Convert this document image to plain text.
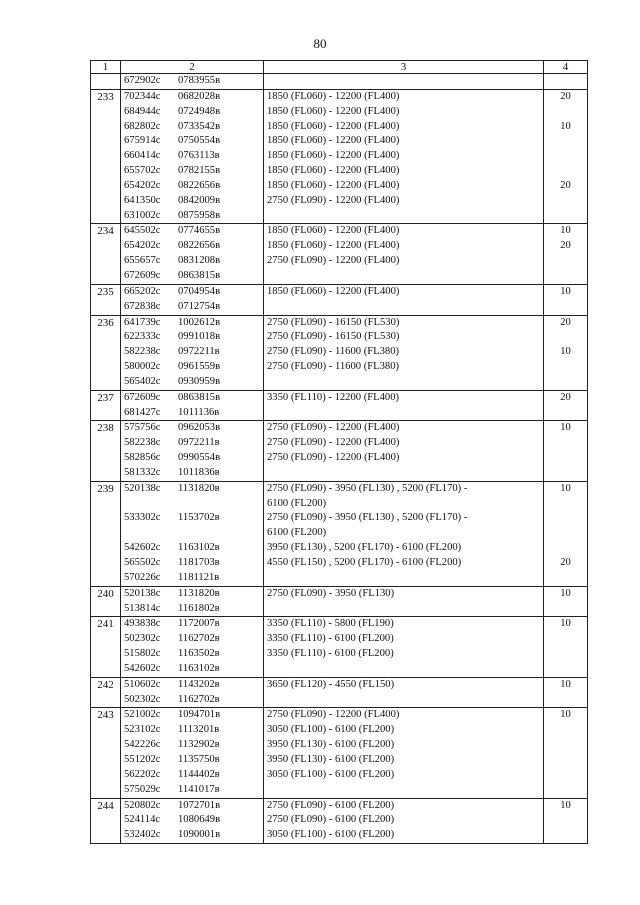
80
1	2	3	4
	672902c 0783955в		
233	702344c 0682028в	1850 (FL060) - 12200 (FL400)	20
	684944c 0724948в	1850 (FL060) - 12200 (FL400)	
	682802c 0733542в	1850 (FL060) - 12200 (FL400)	10
	675914c 0750554в	1850 (FL060) - 12200 (FL400)	
	660414c 0763113в	1850 (FL060) - 12200 (FL400)	
	655702c 0782155в	1850 (FL060) - 12200 (FL400)	
	654202c 0822656в	1850 (FL060) - 12200 (FL400)	20
	641350c 0842009в	2750 (FL090) - 12200 (FL400)	
	631002c 0875958в		
234	645502c 0774655в	1850 (FL060) - 12200 (FL400)	10
	654202c 0822656в	1850 (FL060) - 12200 (FL400)	20
	655657c 0831208в	2750 (FL090) - 12200 (FL400)	
	672609c 0863815в		
235	665202c 0704954в	1850 (FL060) - 12200 (FL400)	10
	672838c 0712754в		
236	641739c 1002612в	2750 (FL090) - 16150 (FL530)	20
	622333c 0991018в	2750 (FL090) - 16150 (FL530)	
	582238c 0972211в	2750 (FL090) - 11600 (FL380)	10
	580002c 0961559в	2750 (FL090) - 11600 (FL380)	
	565402c 0930959в		
237	672609c 0863815в	3350 (FL110) - 12200 (FL400)	20
	681427c 1011136в		
238	575756c 0962053в	2750 (FL090) - 12200 (FL400)	10
	582238c 0972211в	2750 (FL090) - 12200 (FL400)	
	582856c 0990554в	2750 (FL090) - 12200 (FL400)	
	581332c 1011836в		
239	520138c 1131820в	2750 (FL090) - 3950 (FL130) , 5200 (FL170) -	10
		6100 (FL200)	
	533302c 1153702в	2750 (FL090) - 3950 (FL130) , 5200 (FL170) -	
		6100 (FL200)	
	542602c 1163102в	3950 (FL130) , 5200 (FL170) - 6100 (FL200)	
	565502c 1181703в	4550 (FL150) , 5200 (FL170) - 6100 (FL200)	20
	570226c 1181121в		
240	520138c 1131820в	2750 (FL090) - 3950 (FL130)	10
	513814c 1161802в		
241	493838c 1172007в	3350 (FL110) - 5800 (FL190)	10
	502302c 1162702в	3350 (FL110) - 6100 (FL200)	
	515802c 1163502в	3350 (FL110) - 6100 (FL200)	
	542602c 1163102в		
242	510602c 1143202в	3650 (FL120) - 4550 (FL150)	10
	502302c 1162702в		
243	521002c 1094701в	2750 (FL090) - 12200 (FL400)	10
	523102c 1113201в	3050 (FL100) - 6100 (FL200)	
	542226c 1132902в	3950 (FL130) - 6100 (FL200)	
	551202c 1135750в	3950 (FL130) - 6100 (FL200)	
	562202c 1144402в	3050 (FL100) - 6100 (FL200)	
	575029c 1141017в		
244	520802c 1072701в	2750 (FL090) - 6100 (FL200)	10
	524114c 1080649в	2750 (FL090) - 6100 (FL200)	
	532402c 1090001в	3050 (FL100) - 6100 (FL200)	
